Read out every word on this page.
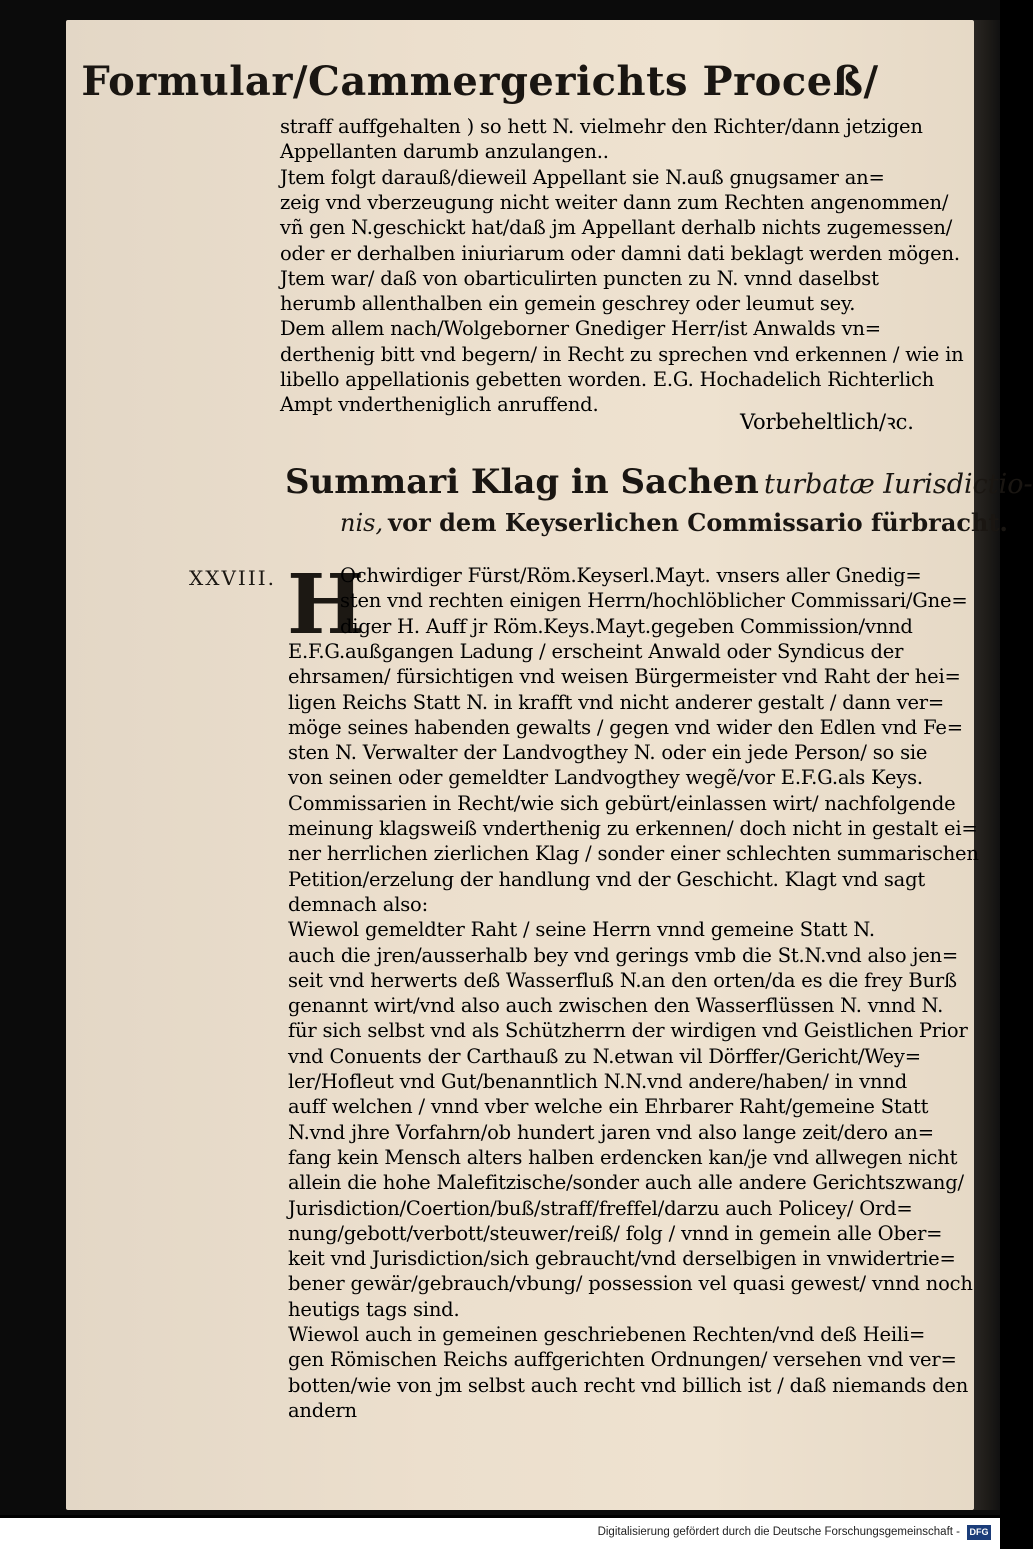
Formular/Cammergerichts Proceß/
straff auffgehalten ) so hett N. vielmehr den Richter/dann jetzigen
Appellanten darumb anzulangen..
Jtem folgt darauß/dieweil Appellant sie N.auß gnugsamer an=
zeig vnd vberzeugung nicht weiter dann zum Rechten angenommen/
vñ gen N.geschickt hat/daß jm Appellant derhalb nichts zugemessen/
oder er derhalben iniuriarum oder damni dati beklagt werden mögen.
Jtem war/ daß von obarticulirten puncten zu N. vnnd daselbst
herumb allenthalben ein gemein geschrey oder leumut sey.
Dem allem nach/Wolgeborner Gnediger Herr/ist Anwalds vn=
derthenig bitt vnd begern/ in Recht zu sprechen vnd erkennen / wie in
libello appellationis gebetten worden. E.G. Hochadelich Richterlich
Ampt vndertheniglich anruffend.
Vorbeheltlich/ꝛc.
Summari Klag in Sachen turbatæ Iurisdictio-
nis, vor dem Keyserlichen Commissario fürbracht.
XXVIII. H
Ochwirdiger Fürst/Röm.Keyserl.Mayt. vnsers aller Gnedig=
sten vnd rechten einigen Herrn/hochlöblicher Commissari/Gne=
diger H. Auff jr Röm.Keys.Mayt.gegeben Commission/vnnd
E.F.G.außgangen Ladung / erscheint Anwald oder Syndicus der
ehrsamen/ fürsichtigen vnd weisen Bürgermeister vnd Raht der hei=
ligen Reichs Statt N. in krafft vnd nicht anderer gestalt / dann ver=
möge seines habenden gewalts / gegen vnd wider den Edlen vnd Fe=
sten N. Verwalter der Landvogthey N. oder ein jede Person/ so sie
von seinen oder gemeldter Landvogthey wegẽ/vor E.F.G.als Keys.
Commissarien in Recht/wie sich gebürt/einlassen wirt/ nachfolgende
meinung klagsweiß vnderthenig zu erkennen/ doch nicht in gestalt ei=
ner herrlichen zierlichen Klag / sonder einer schlechten summarischen
Petition/erzelung der handlung vnd der Geschicht. Klagt vnd sagt
demnach also:
Wiewol gemeldter Raht / seine Herrn vnnd gemeine Statt N.
auch die jren/ausserhalb bey vnd gerings vmb die St.N.vnd also jen=
seit vnd herwerts deß Wasserfluß N.an den orten/da es die frey Burß
genannt wirt/vnd also auch zwischen den Wasserflüssen N. vnnd N.
für sich selbst vnd als Schützherrn der wirdigen vnd Geistlichen Prior
vnd Conuents der Carthauß zu N.etwan vil Dörffer/Gericht/Wey=
ler/Hofleut vnd Gut/benanntlich N.N.vnd andere/haben/ in vnnd
auff welchen / vnnd vber welche ein Ehrbarer Raht/gemeine Statt
N.vnd jhre Vorfahrn/ob hundert jaren vnd also lange zeit/dero an=
fang kein Mensch alters halben erdencken kan/je vnd allwegen nicht
allein die hohe Malefitzische/sonder auch alle andere Gerichtszwang/
Jurisdiction/Coertion/buß/straff/freffel/darzu auch Policey/ Ord=
nung/gebott/verbott/steuwer/reiß/ folg / vnnd in gemein alle Ober=
keit vnd Jurisdiction/sich gebraucht/vnd derselbigen in vnwidertrie=
bener gewär/gebrauch/vbung/ possession vel quasi gewest/ vnnd noch
heutigs tags sind.
Wiewol auch in gemeinen geschriebenen Rechten/vnd deß Heili=
gen Römischen Reichs auffgerichten Ordnungen/ versehen vnd ver=
botten/wie von jm selbst auch recht vnd billich ist / daß niemands den
andern
Digitalisierung gefördert durch die Deutsche Forschungsgemeinschaft - DFG
